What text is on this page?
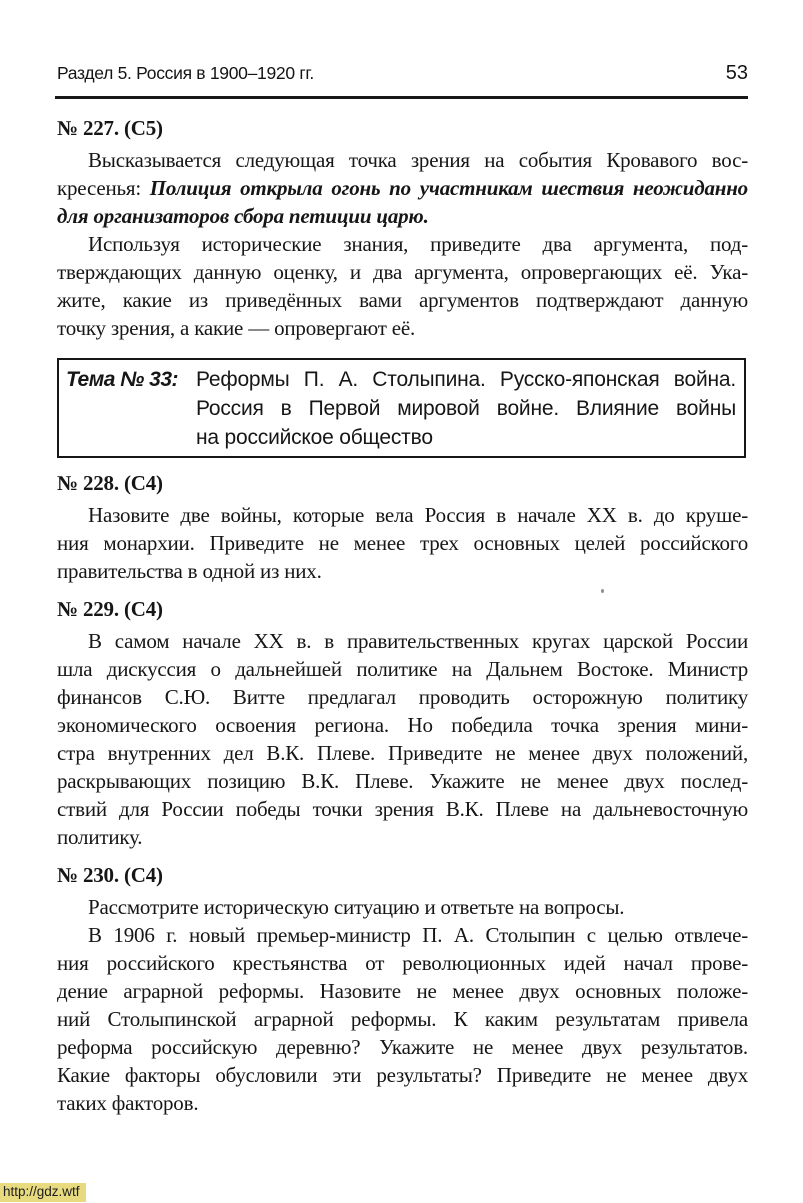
Раздел 5. Россия в 1900–1920 гг.	53
№ 227. (С5)
Высказывается следующая точка зрения на события Кровавого вос-
кресенья: Полиция открыла огонь по участникам шествия неожиданно
для организаторов сбора петиции царю.
Используя исторические знания, приведите два аргумента, под-
тверждающих данную оценку, и два аргумента, опровергающих её. Ука-
жите, какие из приведённых вами аргументов подтверждают данную
точку зрения, а какие — опровергают её.
Тема № 33: Реформы П. А. Столыпина. Русско-японская война.
Россия в Первой мировой войне. Влияние войны
на российское общество
№ 228. (С4)
Назовите две войны, которые вела Россия в начале XX в. до круше-
ния монархии. Приведите не менее трех основных целей российского
правительства в одной из них.
№ 229. (С4)
В самом начале XX в. в правительственных кругах царской России
шла дискуссия о дальнейшей политике на Дальнем Востоке. Министр
финансов С.Ю. Витте предлагал проводить осторожную политику
экономического освоения региона. Но победила точка зрения мини-
стра внутренних дел В.К. Плеве. Приведите не менее двух положений,
раскрывающих позицию В.К. Плеве. Укажите не менее двух послед-
ствий для России победы точки зрения В.К. Плеве на дальневосточную
политику.
№ 230. (С4)
Рассмотрите историческую ситуацию и ответьте на вопросы.
В 1906 г. новый премьер-министр П. А. Столыпин с целью отвлече-
ния российского крестьянства от революционных идей начал прове-
дение аграрной реформы. Назовите не менее двух основных положе-
ний Столыпинской аграрной реформы. К каким результатам привела
реформа российскую деревню? Укажите не менее двух результатов.
Какие факторы обусловили эти результаты? Приведите не менее двух
таких факторов.
http://gdz.wtf
